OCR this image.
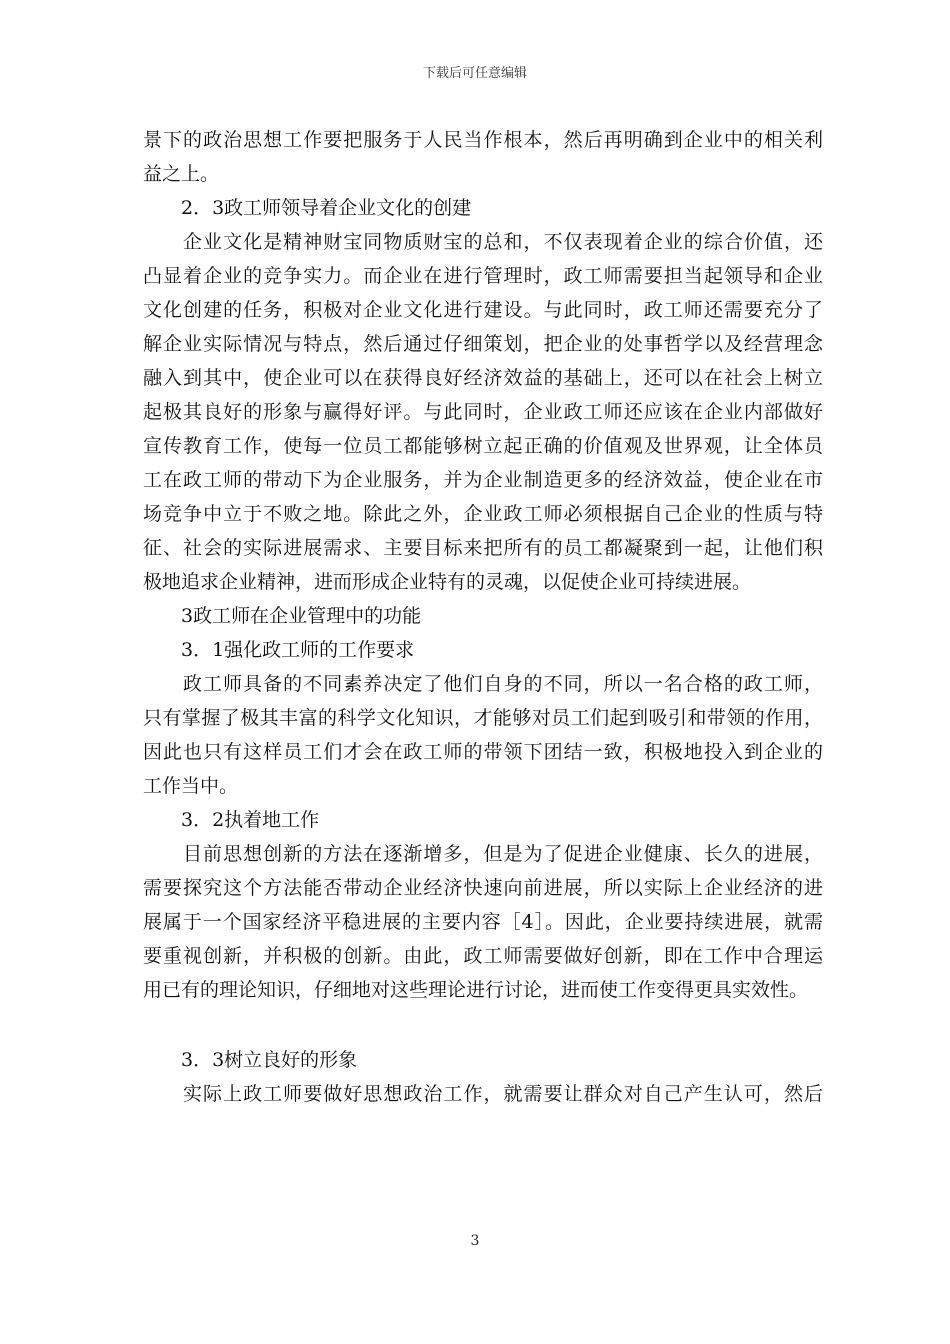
下载后可任意编辑
景下的政治思想工作要把服务于人民当作根本，然后再明确到企业中的相关利
益之上。
2．3政工师领导着企业文化的创建
企业文化是精神财宝同物质财宝的总和，不仅表现着企业的综合价值，还
凸显着企业的竞争实力。而企业在进行管理时，政工师需要担当起领导和企业
文化创建的任务，积极对企业文化进行建设。与此同时，政工师还需要充分了
解企业实际情况与特点，然后通过仔细策划，把企业的处事哲学以及经营理念
融入到其中，使企业可以在获得良好经济效益的基础上，还可以在社会上树立
起极其良好的形象与赢得好评。与此同时，企业政工师还应该在企业内部做好
宣传教育工作，使每一位员工都能够树立起正确的价值观及世界观，让全体员
工在政工师的带动下为企业服务，并为企业制造更多的经济效益，使企业在市
场竞争中立于不败之地。除此之外，企业政工师必须根据自己企业的性质与特
征、社会的实际进展需求、主要目标来把所有的员工都凝聚到一起，让他们积
极地追求企业精神，进而形成企业特有的灵魂，以促使企业可持续进展。
3政工师在企业管理中的功能
3．1强化政工师的工作要求
政工师具备的不同素养决定了他们自身的不同，所以一名合格的政工师，
只有掌握了极其丰富的科学文化知识，才能够对员工们起到吸引和带领的作用，
因此也只有这样员工们才会在政工师的带领下团结一致，积极地投入到企业的
工作当中。
3．2执着地工作
目前思想创新的方法在逐渐增多，但是为了促进企业健康、长久的进展，
需要探究这个方法能否带动企业经济快速向前进展，所以实际上企业经济的进
展属于一个国家经济平稳进展的主要内容［4］。因此，企业要持续进展，就需
要重视创新，并积极的创新。由此，政工师需要做好创新，即在工作中合理运
用已有的理论知识，仔细地对这些理论进行讨论，进而使工作变得更具实效性。
3．3树立良好的形象
实际上政工师要做好思想政治工作，就需要让群众对自己产生认可，然后
3
